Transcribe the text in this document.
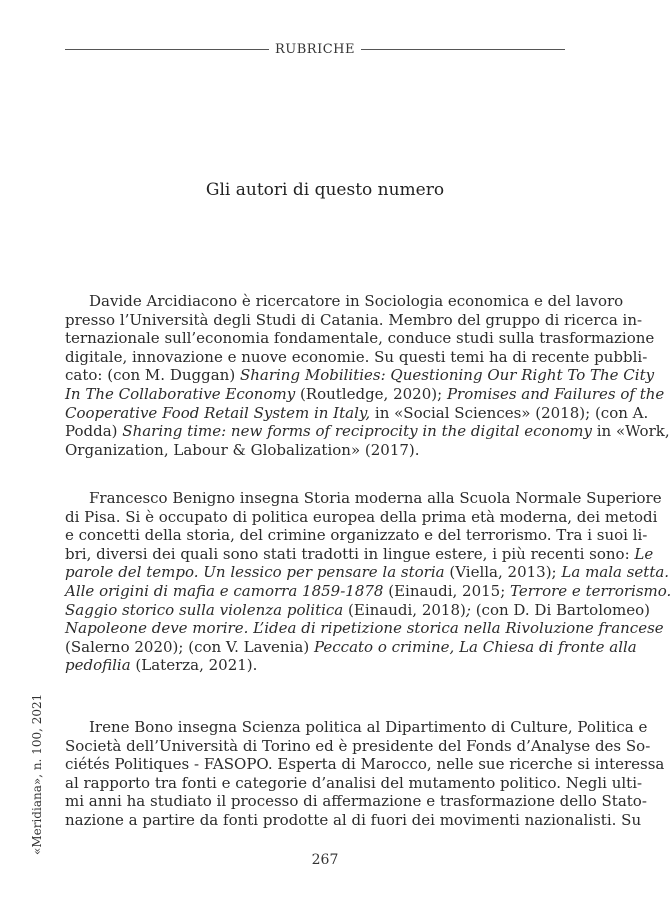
RUBRICHE
Gli autori di questo numero
Davide Arcidiacono è ricercatore in Sociologia economica e del lavoro
presso l’Università degli Studi di Catania. Membro del gruppo di ricerca in-
ternazionale sull’economia fondamentale, conduce studi sulla trasformazione
digitale, innovazione e nuove economie. Su questi temi ha di recente pubbli-
cato: (con M. Duggan) Sharing Mobilities: Questioning Our Right To The City
In The Collaborative Economy (Routledge, 2020); Promises and Failures of the
Cooperative Food Retail System in Italy, in «Social Sciences» (2018); (con A.
Podda) Sharing time: new forms of reciprocity in the digital economy in «Work,
Organization, Labour & Globalization» (2017).
Francesco Benigno insegna Storia moderna alla Scuola Normale Superiore
di Pisa. Si è occupato di politica europea della prima età moderna, dei metodi
e concetti della storia, del crimine organizzato e del terrorismo. Tra i suoi li-
bri, diversi dei quali sono stati tradotti in lingue estere, i più recenti sono: Le
parole del tempo. Un lessico per pensare la storia (Viella, 2013); La mala setta.
Alle origini di mafia e camorra 1859-1878 (Einaudi, 2015; Terrore e terrorismo.
Saggio storico sulla violenza politica (Einaudi, 2018); (con D. Di Bartolomeo)
Napoleone deve morire. L’idea di ripetizione storica nella Rivoluzione francese
(Salerno 2020); (con V. Lavenia) Peccato o crimine, La Chiesa di fronte alla
pedofilia (Laterza, 2021).
Irene Bono insegna Scienza politica al Dipartimento di Culture, Politica e
Società dell’Università di Torino ed è presidente del Fonds d’Analyse des So-
ciétés Politiques - FASOPO. Esperta di Marocco, nelle sue ricerche si interessa
al rapporto tra fonti e categorie d’analisi del mutamento politico. Negli ulti-
mi anni ha studiato il processo di affermazione e trasformazione dello Stato-
nazione a partire da fonti prodotte al di fuori dei movimenti nazionalisti. Su
«Meridiana», n. 100, 2021
267
